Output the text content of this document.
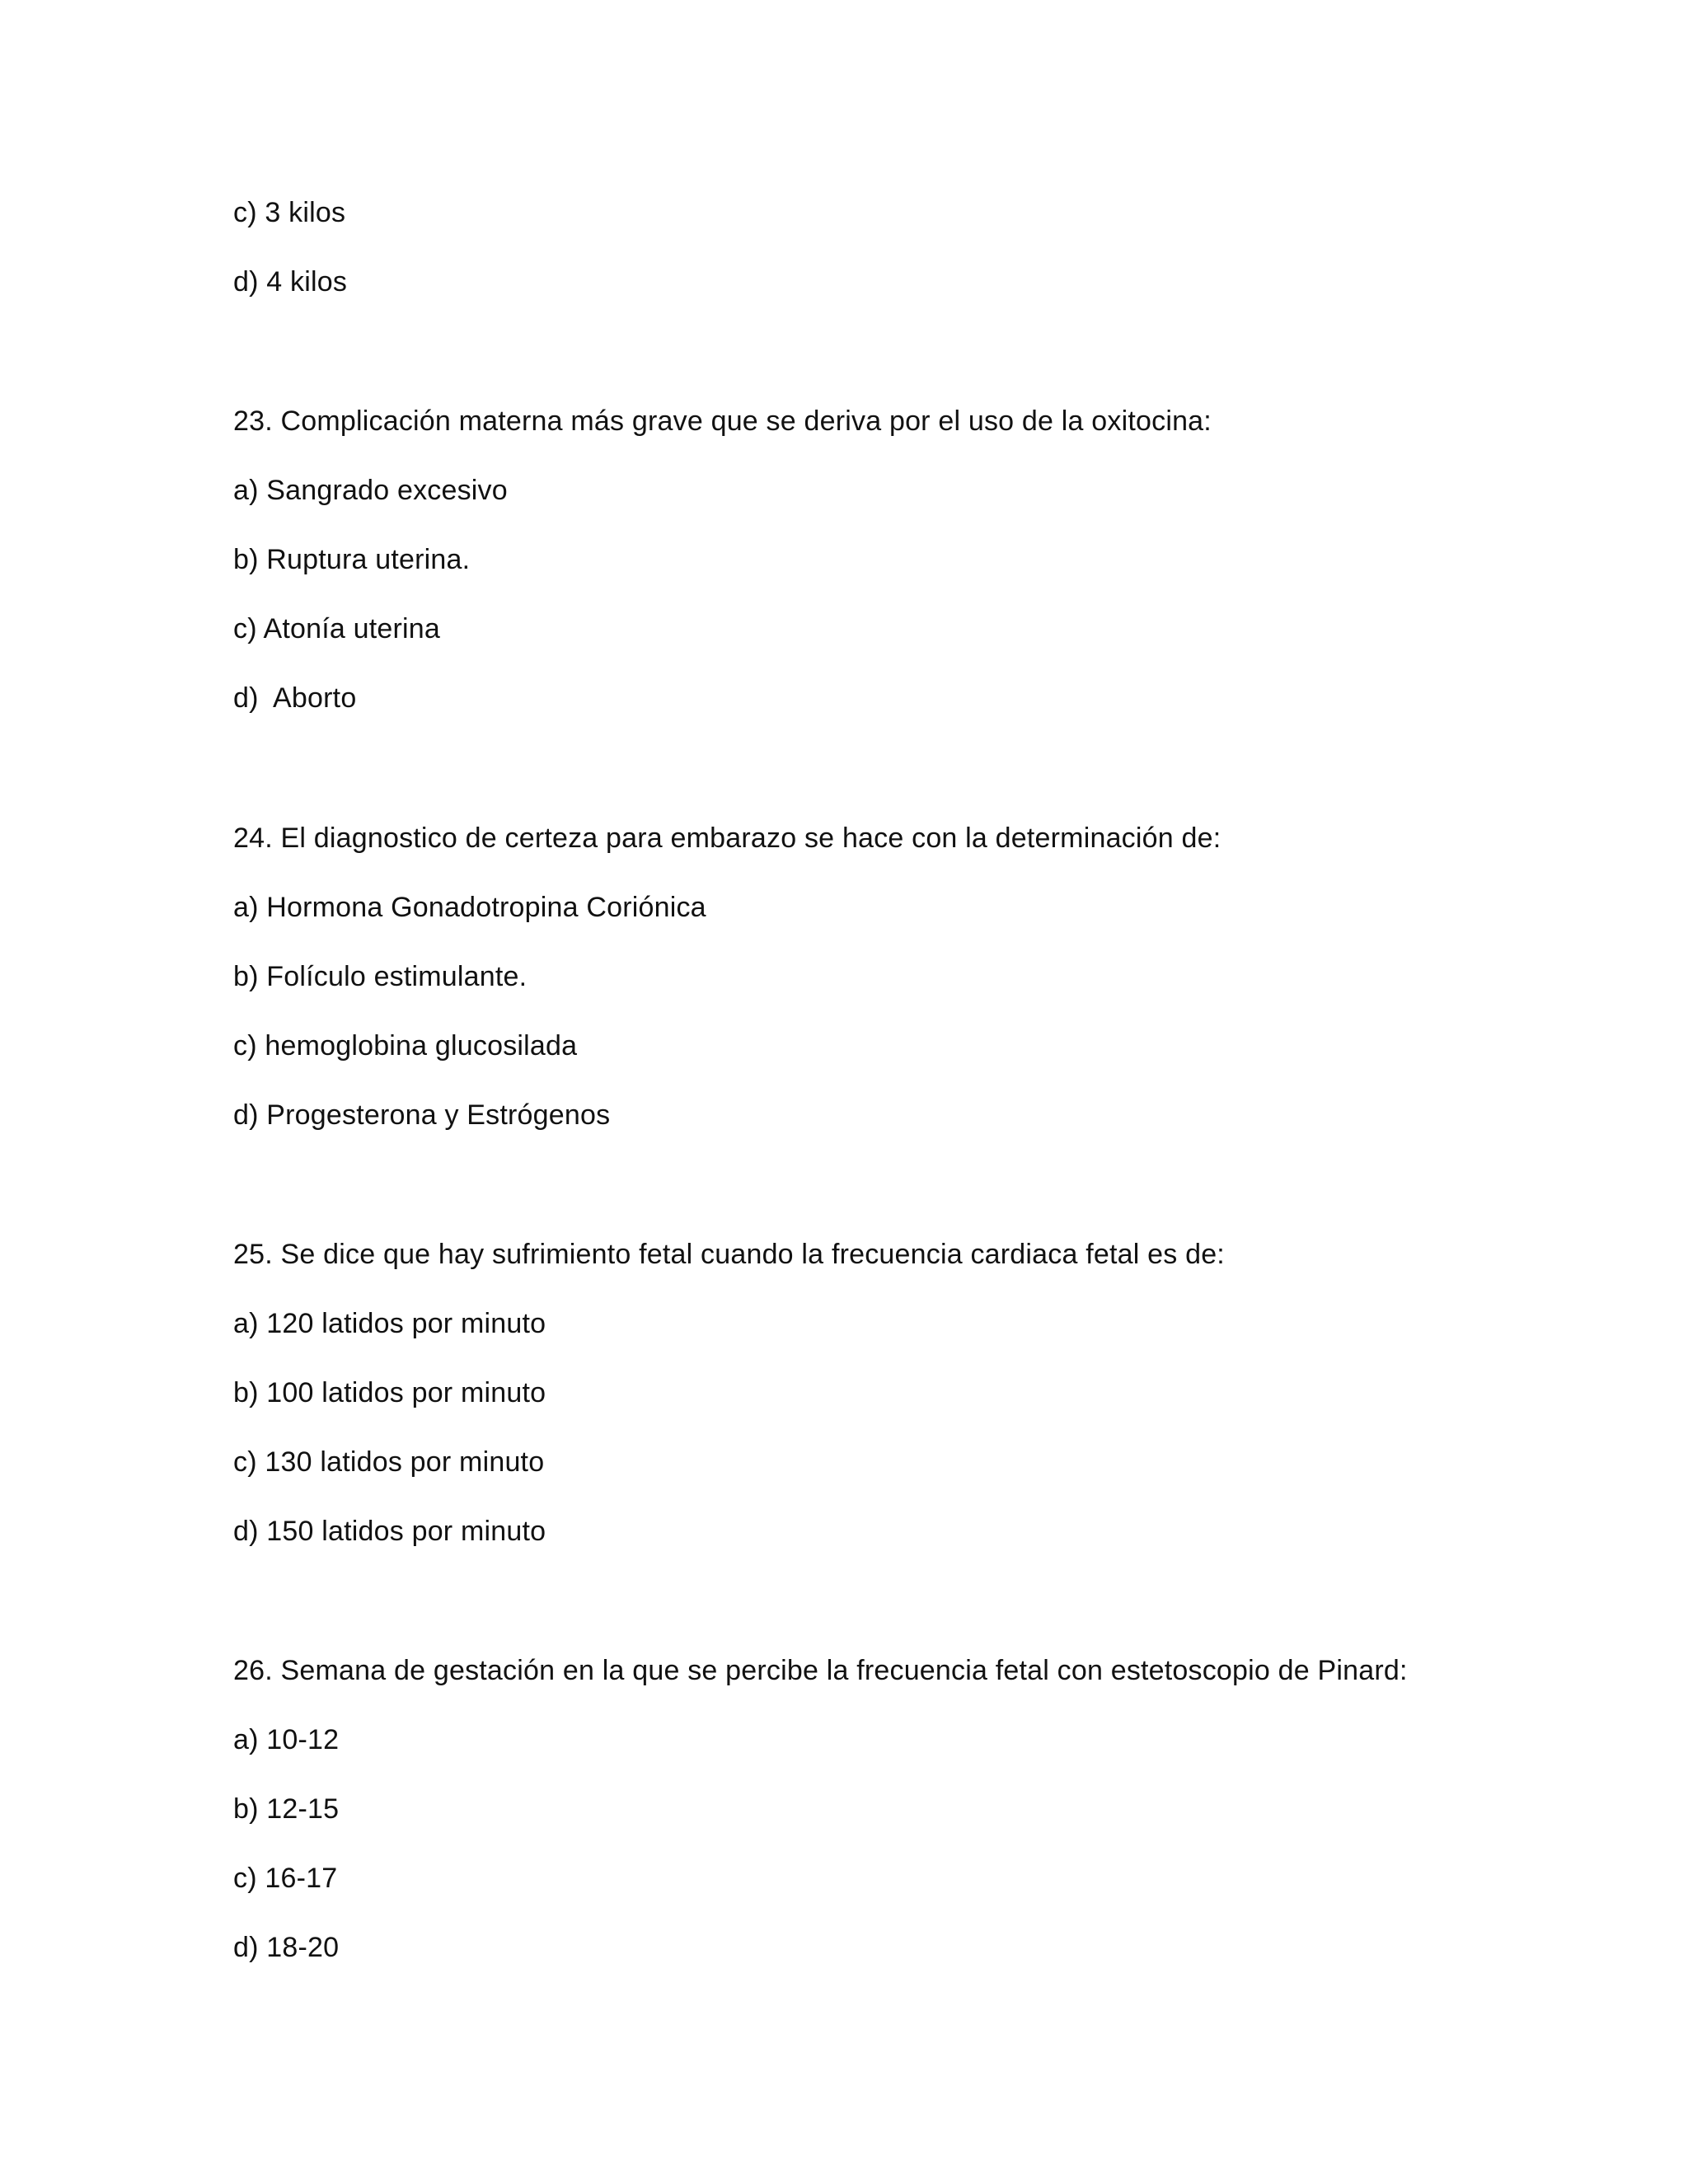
c) 3 kilos
d) 4 kilos
23. Complicación materna más grave que se deriva por el uso de la oxitocina:
a) Sangrado excesivo
b) Ruptura uterina.
c) Atonía uterina
d)  Aborto
24. El diagnostico de certeza para embarazo se hace con la determinación de:
a) Hormona Gonadotropina Coriónica
b) Folículo estimulante.
c) hemoglobina glucosilada
d) Progesterona y Estrógenos
25. Se dice que hay sufrimiento fetal cuando la frecuencia cardiaca fetal es de:
a) 120 latidos por minuto
b) 100 latidos por minuto
c) 130 latidos por minuto
d) 150 latidos por minuto
26. Semana de gestación en la que se percibe la frecuencia fetal con estetoscopio de Pinard:
a) 10-12
b) 12-15
c) 16-17
d) 18-20
